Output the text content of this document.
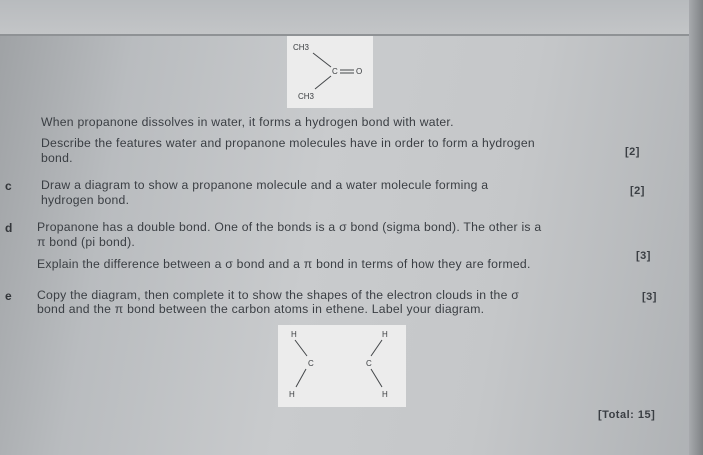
CH3
C O
CH3
When propanone dissolves in water, it forms a hydrogen bond with water.
Describe the features water and propanone molecules have in order to form a hydrogen
bond.	[2]
c Draw a diagram to show a propanone molecule and a water molecule forming a
hydrogen bond.
[2]
d Propanone has a double bond. One of the bonds is a σ bond (sigma bond). The other is a
π bond (pi bond).
Explain the difference between a σ bond and a π bond in terms of how they are formed.
[3]
e Copy the diagram, then complete it to show the shapes of the electron clouds in the σ
bond and the π bond between the carbon atoms in ethene. Label your diagram.
[3]
H
C
H
H
C
H
[Total: 15]
